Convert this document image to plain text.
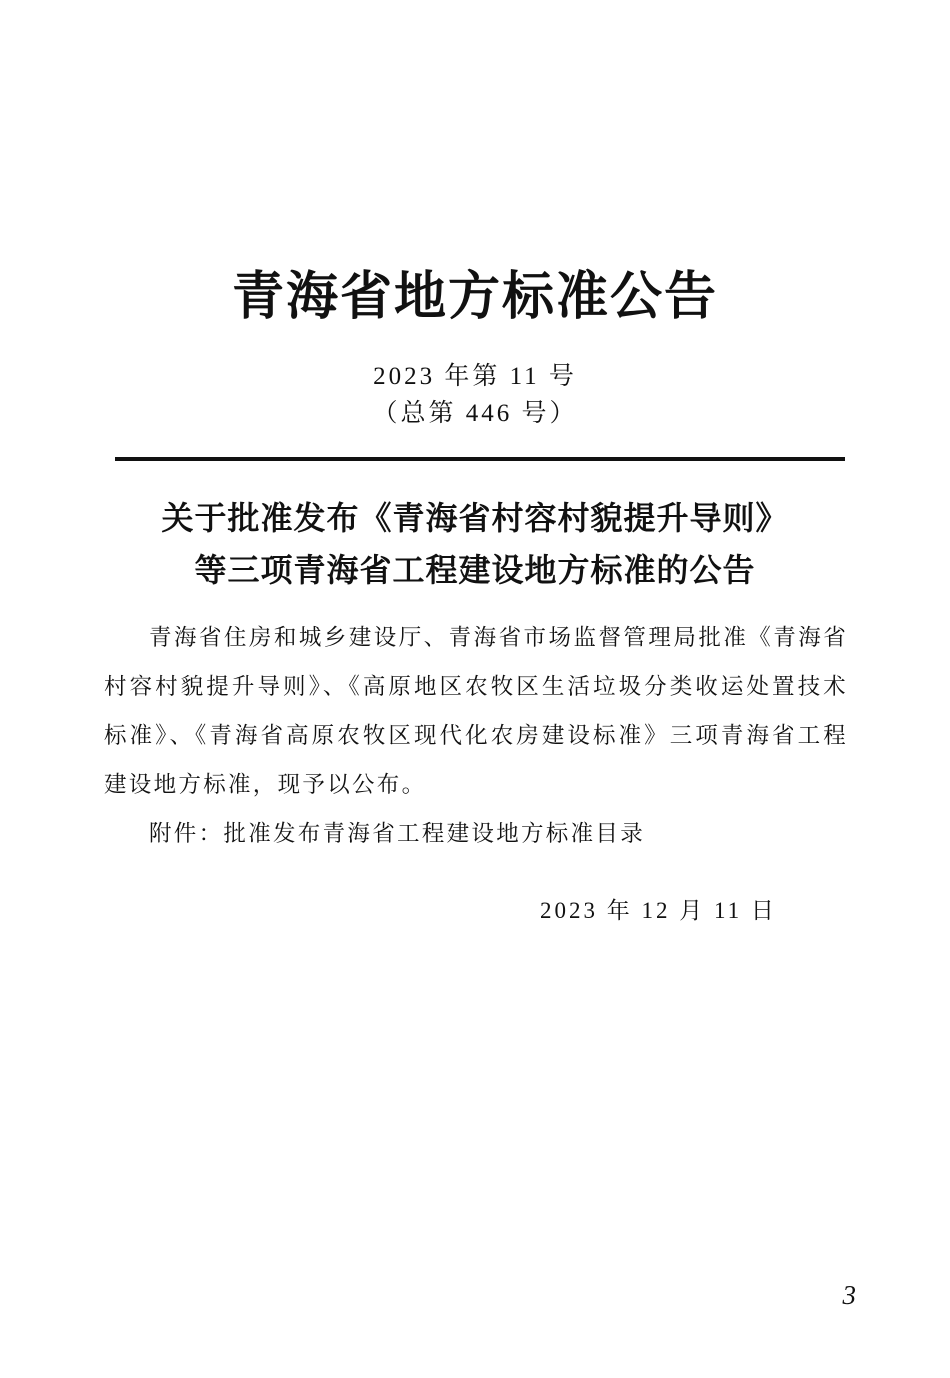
青海省地方标准公告
2023 年第 11 号
（总第 446 号）
关于批准发布《青海省村容村貌提升导则》
等三项青海省工程建设地方标准的公告

青海省住房和城乡建设厅、青海省市场监督管理局批准《青海省村容村貌提升导则》、《高原地区农牧区生活垃圾分类收运处置技术标准》、《青海省高原农牧区现代化农房建设标准》三项青海省工程建设地方标准，现予以公布。

附件：批准发布青海省工程建设地方标准目录

2023 年 12 月 11 日
3
